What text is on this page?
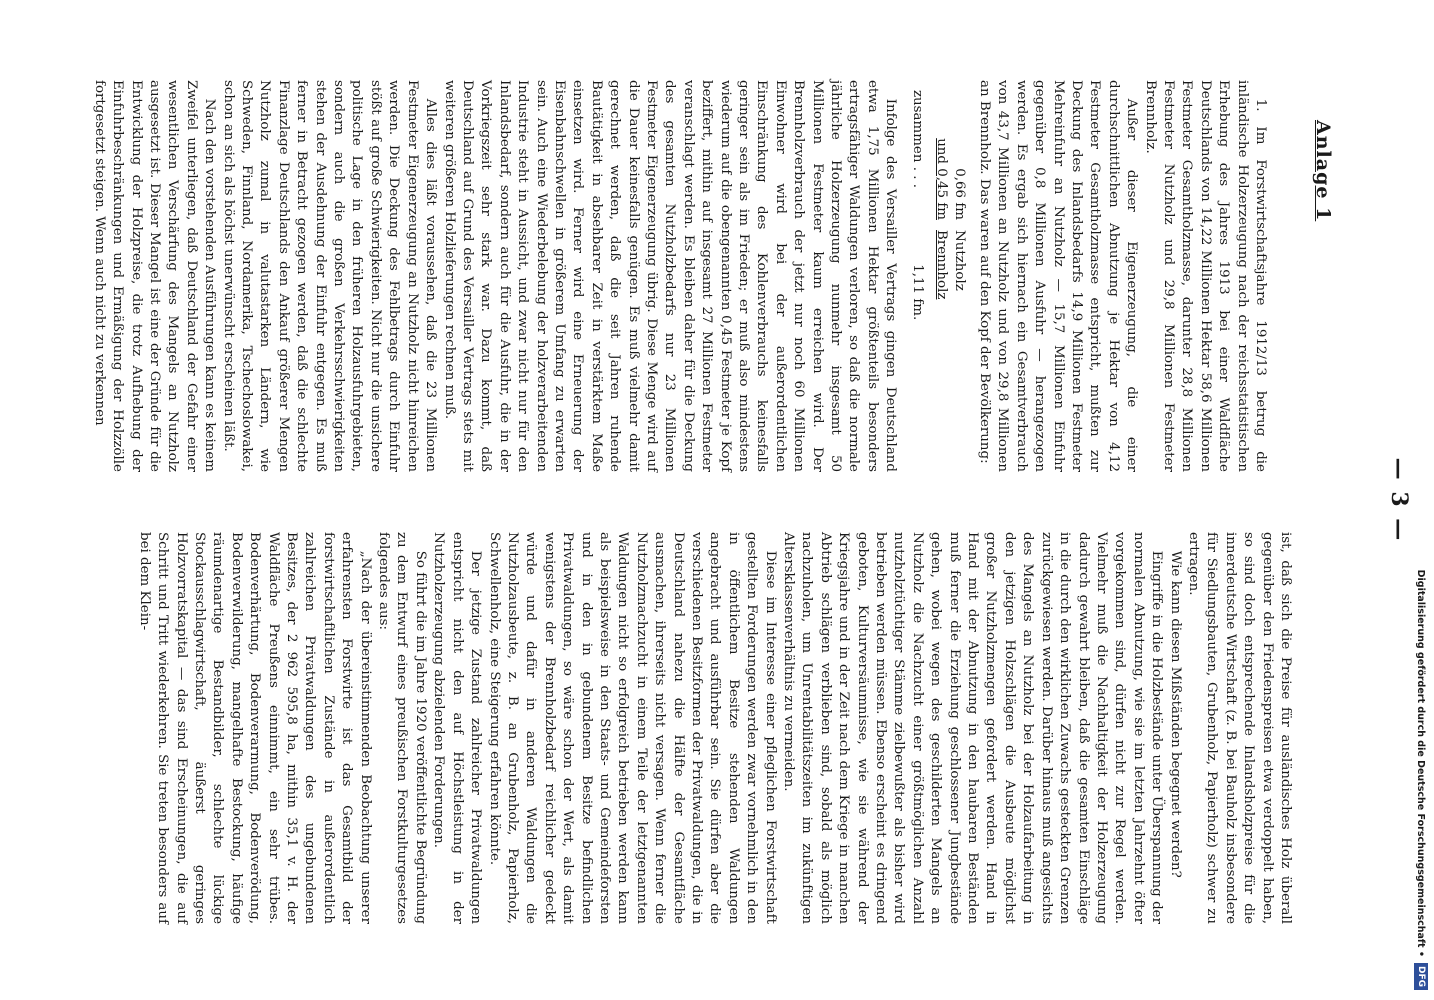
— 3 —
Anlage 1

1. Im Forstwirtschaftsjahre 1912/13 betrug die inländische Holzerzeugung nach der reichsstatistischen Erhebung des Jahres 1913 bei einer Waldfläche Deutschlands von 14,22 Millionen Hektar 58,6 Millionen Festmeter Gesamtholzmasse, darunter 28,8 Millionen Festmeter Nutzholz und 29,8 Millionen Festmeter Brennholz.

Außer dieser Eigenerzeugung, die einer durchschnittlichen Abnutzung je Hektar von 4,12 Festmeter Gesamtholzmasse entspricht, mußten zur Deckung des Inlandsbedarfs 14,9 Millionen Festmeter Mehreinfuhr an Nutzholz — 15,7 Millionen Einfuhr gegenüber 0,8 Millionen Ausfuhr — herangezogen werden. Es ergab sich hiernach ein Gesamtverbrauch von 43,7 Millionen an Nutzholz und von 29,8 Millionen an Brennholz. Das waren auf den Kopf der Bevölkerung:

0,66 fm
Nutzholz
und 0,45 fm
Brennholz
zusammen . . . 1,11 fm.

Infolge des Versailler Vertrags gingen Deutschland etwa 1,75 Millionen Hektar größtenteils besonders ertragsfähiger Waldungen verloren, so daß die normale jährliche Holzerzeugung nunmehr insgesamt 50 Millionen Festmeter kaum erreichen wird. Der Brennholzverbrauch der jetzt nur noch 60 Millionen Einwohner wird bei der außerordentlichen Einschränkung des Kohlenverbrauchs keinesfalls geringer sein als im Frieden; er muß also mindestens wiederum auf die obengenannten 0,45 Festmeter je Kopf beziffert, mithin auf insgesamt 27 Millionen Festmeter veranschlagt werden. Es bleiben daher für die Deckung des gesamten Nutzholzbedarfs nur 23 Millionen Festmeter Eigenerzeugung übrig. Diese Menge wird auf die Dauer keinesfalls genügen. Es muß vielmehr damit gerechnet werden, daß die seit Jahren ruhende Bautätigkeit in absehbarer Zeit in verstärktem Maße einsetzen wird. Ferner wird eine Erneuerung der Eisenbahnschwellen in größerem Umfang zu erwarten sein. Auch eine Wiederbelebung der holzverarbeitenden Industrie steht in Aussicht, und zwar nicht nur für den Inlandsbedarf, sondern auch für die Ausfuhr, die in der Vorkriegszeit sehr stark war. Dazu kommt, daß Deutschland auf Grund des Versailler Vertrags stets mit weiteren größeren Holzlieferungen rechnen muß.

Alles dies läßt voraussehen, daß die 23 Millionen Festmeter Eigenerzeugung an Nutzholz nicht hinreichen werden. Die Deckung des Fehlbetrags durch Einfuhr stößt auf große Schwierigkeiten. Nicht nur die unsichere politische Lage in den früheren Holzausfuhrgebieten, sondern auch die großen Verkehrsschwierigkeiten stehen der Ausdehnung der Einfuhr entgegen. Es muß ferner in Betracht gezogen werden, daß die schlechte Finanzlage Deutschlands den Ankauf größerer Mengen Nutzholz zumal in valutastarken Ländern, wie Schweden, Finnland, Nordamerika, Tschechoslowakei, schon an sich als höchst unerwünscht erscheinen läßt.

Nach den vorstehenden Ausführungen kann es keinem Zweifel unterliegen, daß Deutschland der Gefahr einer wesentlichen Verschärfung des Mangels an Nutzholz ausgesetzt ist. Dieser Mangel ist eine der Gründe für die Entwicklung der Holzpreise, die trotz Aufhebung der Einfuhrbeschränkungen und Ermäßigung der Holzzölle fortgesetzt steigen. Wenn auch nicht zu verkennen

ist, daß sich die Preise für ausländisches Holz überall gegenüber den Friedenspreisen etwa verdoppelt haben, so sind doch entsprechende Inlandsholzpreise für die innerdeutsche Wirtschaft (z. B. bei Bauholz insbesondere für Siedlungsbauten, Grubenholz, Papierholz) schwer zu ertragen.

Wie kann diesen Mißständen begegnet werden?

Eingriffe in die Holzbestände unter Überspannung der normalen Abnutzung, wie sie im letzten Jahrzehnt öfter vorgekommen sind, dürfen nicht zur Regel werden. Vielmehr muß die Nachhaltigkeit der Holzerzeugung dadurch gewahrt bleiben, daß die gesamten Einschläge in die durch den wirklichen Zuwachs gesteckten Grenzen zurückgewiesen werden. Darüber hinaus muß angesichts des Mangels an Nutzholz bei der Holzaufarbeitung in den jetzigen Holzschlägen die Ausbeute möglichst großer Nutzholzmengen gefordert werden. Hand in Hand mit der Abnutzung in den haubaren Beständen muß ferner die Erziehung geschlossener Jungbestände gehen, wobei wegen des geschilderten Mangels an Nutzholz die Nachzucht einer größtmöglichen Anzahl nutzholztüchtiger Stämme zielbewußter als bisher wird betrieben werden müssen. Ebenso erscheint es dringend geboten, Kulturversäumnisse, wie sie während der Kriegsjahre und in der Zeit nach dem Kriege in manchen Abtrieb schlägen verblieben sind, sobald als möglich nachzuholen, um Unrentabilitätszeiten im zukünftigen Altersklassenverhältnis zu vermeiden.

Diese im Interesse einer pfleglichen Forstwirtschaft gestellten Forderungen werden zwar vornehmlich in den in öffentlichem Besitze stehenden Waldungen angebracht und ausführbar sein. Sie dürfen aber die verschiedenen Besitzformen der Privatwaldungen, die in Deutschland nahezu die Hälfte der Gesamtfläche ausmachen, ihrerseits nicht versagen. Wenn ferner die Nutzholzmachzucht in einem Teile der letztgenannten Waldungen nicht so erfolgreich betrieben werden kann als beispielsweise in den Staats- und Gemeindeforsten und in den in gebundenem Besitze befindlichen Privatwaldungen, so wäre schon der Wert, als damit wenigstens der Brennholzbedarf reichlicher gedeckt würde und dafür in anderen Waldungen die Nutzholzausbeute, z. B. an Grubenholz, Papierholz, Schwellenholz, eine Steigerung erfahren könnte.

Der jetzige Zustand zahlreicher Privatwaldungen entspricht nicht den auf Höchstleistung in der Nutzholzerzeugung abzielenden Forderungen.

So führt die im Jahre 1920 veröffentlichte Begründung zu dem Entwurf eines preußischen Forstkulturgesetzes folgendes aus:

„Nach der übereinstimmenden Beobachtung unserer erfahrensten Forstwirte ist das Gesamtbild der forstwirtschaftlichen Zustände in außerordentlich zahlreichen Privatwaldungen des ungebundenen Besitzes, der 2 962 595,8 ha, mithin 35,1 v. H. der Waldfläche Preußens einnimmt, ein sehr trübes. Bodenverhärtung, Bodenverarmung, Bodenverödung, Bodenverwilderung, mangelhafte Bestockung, häufige räumdenartige Bestandbilder, schlechte lückige Stockausschlagwirtschaft, äußerst geringes Holzvorratskapital — das sind Erscheinungen, die auf Schritt und Tritt wiederkehren. Sie treten besonders auf bei dem Klein-	Digitalisierung gefördert durch die Deutsche Forschungsgemeinschaft •
DFG
